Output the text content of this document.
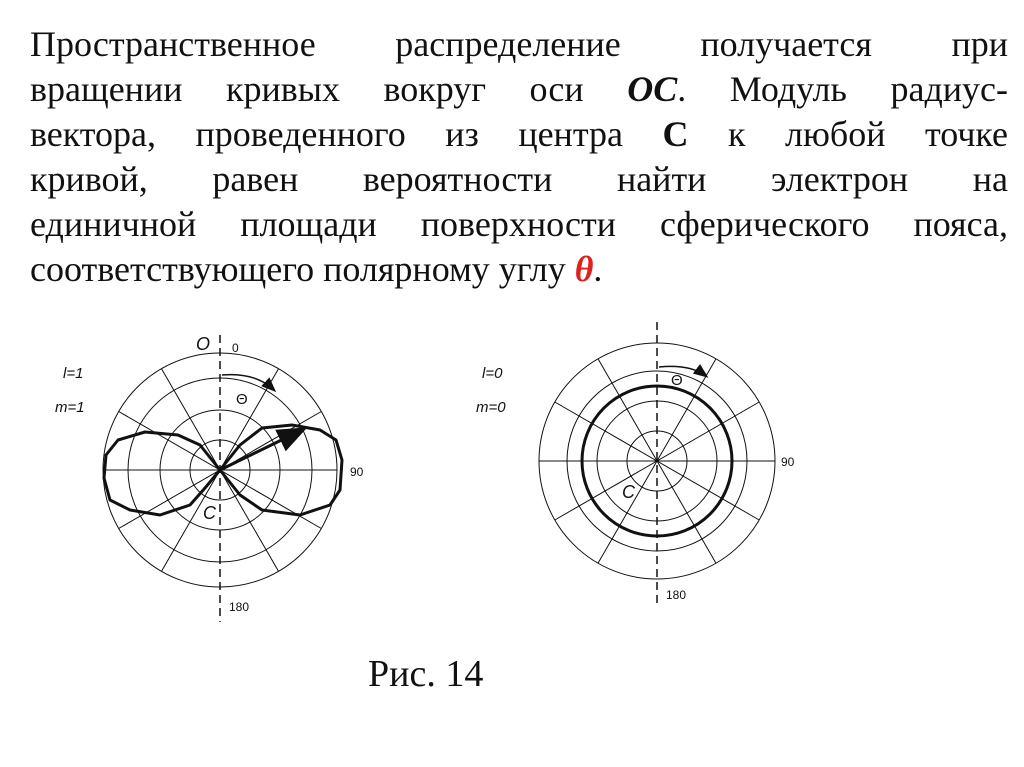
Пространственное распределение получается при
вращении кривых вокруг оси ОС. Модуль радиус-
вектора, проведенного из центра С к любой точке
кривой, равен вероятности найти электрон на
единичной площади поверхности сферического пояса,
соответствующего полярному углу θ.
l=1
m=1
O 0
90
180
Θ
C
l=0
m=0
90
180
Θ
C
Рис. 14
